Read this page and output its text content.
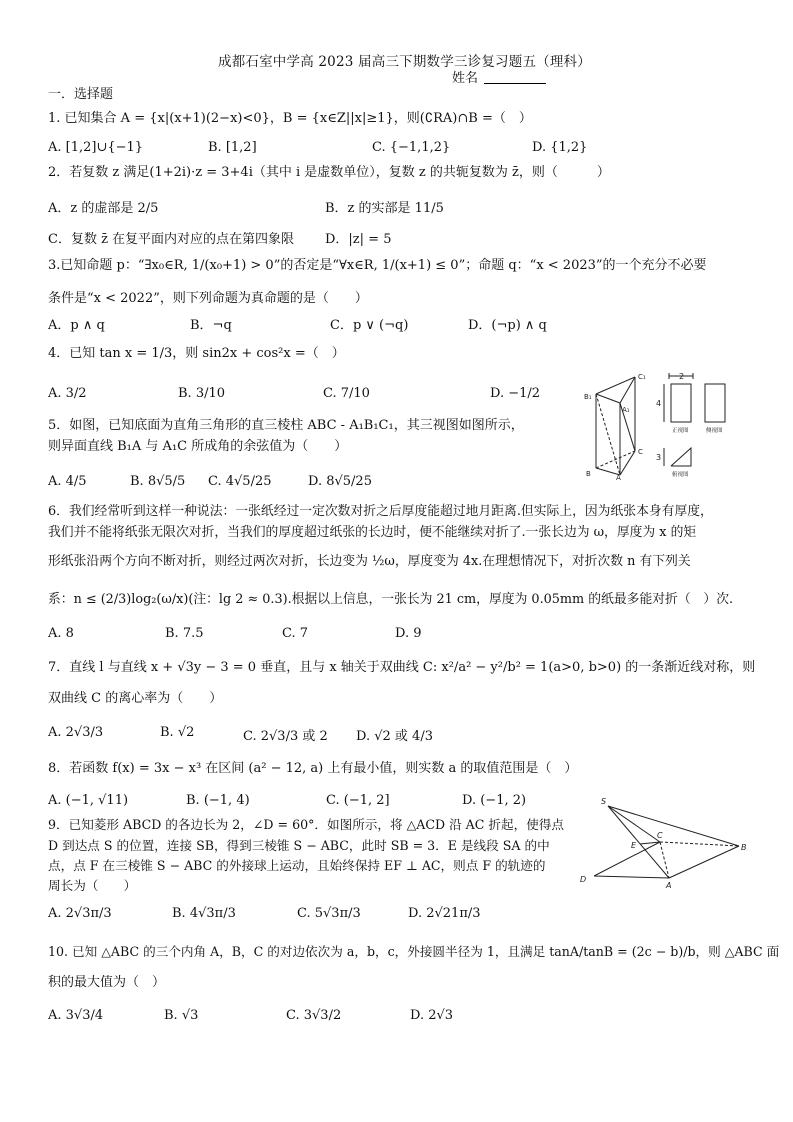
成都石室中学高 2023 届高三下期数学三诊复习题五（理科）
姓名
一．选择题
1. 已知集合 A = {x|(x+1)(2−x)<0}，B = {x∈Z||x|≥1}，则(∁RA)∩B =（　）
A. [1,2]∪{−1}	B. [1,2]	C. {−1,1,2}	D. {1,2}
2．若复数 z 满足(1+2i)·z = 3+4i（其中 i 是虚数单位），复数 z 的共轭复数为 z̄，则（　　　）
A．z 的虚部是 2/5	B．z 的实部是 11/5
C．复数 z̄ 在复平面内对应的点在第四象限 D．|z| = 5
3.已知命题 p：“∃x₀∈R, 1/(x₀+1) > 0”的否定是“∀x∈R, 1/(x+1) ≤ 0”；命题 q：“x < 2023”的一个充分不必要
条件是“x < 2022”，则下列命题为真命题的是（　　）
A．p ∧ q	B．¬q	C．p ∨ (¬q)	D．(¬p) ∧ q
4．已知 tan x = 1/3，则 sin2x + cos²x =（　）
A. 3/2	B. 3/10	C. 7/10	D. −1/2
5．如图，已知底面为直角三角形的直三棱柱 ABC - A₁B₁C₁，其三视图如图所示，
则异面直线 B₁A 与 A₁C 所成角的余弦值为（　　）
A. 4/5	B. 8√5/5 C. 4√5/25	D. 8√5/25
6．我们经常听到这样一种说法：一张纸经过一定次数对折之后厚度能超过地月距离.但实际上，因为纸张本身有厚度，
我们并不能将纸张无限次对折，当我们的厚度超过纸张的长边时，便不能继续对折了.一张长边为 ω，厚度为 x 的矩
形纸张沿两个方向不断对折，则经过两次对折，长边变为 ½ω，厚度变为 4x.在理想情况下，对折次数 n 有下列关
系：n ≤ (2/3)log₂(ω/x)(注：lg 2 ≈ 0.3).根据以上信息，一张长为 21 cm，厚度为 0.05mm 的纸最多能对折（　）次.
A. 8	B. 7.5	C. 7	D. 9
7．直线 l 与直线 x + √3y − 3 = 0 垂直，且与 x 轴关于双曲线 C: x²/a² − y²/b² = 1(a>0, b>0) 的一条渐近线对称，则
双曲线 C 的离心率为（　　）
A. 2√3/3	B. √2	C. 2√3/3 或 2 D. √2 或 4/3
8．若函数 f(x) = 3x − x³ 在区间 (a² − 12, a) 上有最小值，则实数 a 的取值范围是（　）
A. (−1, √11)	B. (−1, 4)	C. (−1, 2]	D. (−1, 2)
9．已知菱形 ABCD 的各边长为 2，∠D = 60°．如图所示，将 △ACD 沿 AC 折起，使得点
D 到达点 S 的位置，连接 SB，得到三棱锥 S − ABC，此时 SB = 3．E 是线段 SA 的中
点，点 F 在三棱锥 S − ABC 的外接球上运动，且始终保持 EF ⊥ AC，则点 F 的轨迹的
周长为（　　）
A. 2√3π/3	B. 4√3π/3	C. 5√3π/3	D. 2√21π/3
10. 已知 △ABC 的三个内角 A，B，C 的对边依次为 a，b，c，外接圆半径为 1，且满足 tanA/tanB = (2c − b)/b，则 △ABC 面
积的最大值为（　）
A. 3√3/4	B. √3	C. 3√3/2	D. 2√3
A₁
B₁
C₁
A
B
C
2
4
3
正视图	侧视图
俯视图
S
E
C
B
D
A
